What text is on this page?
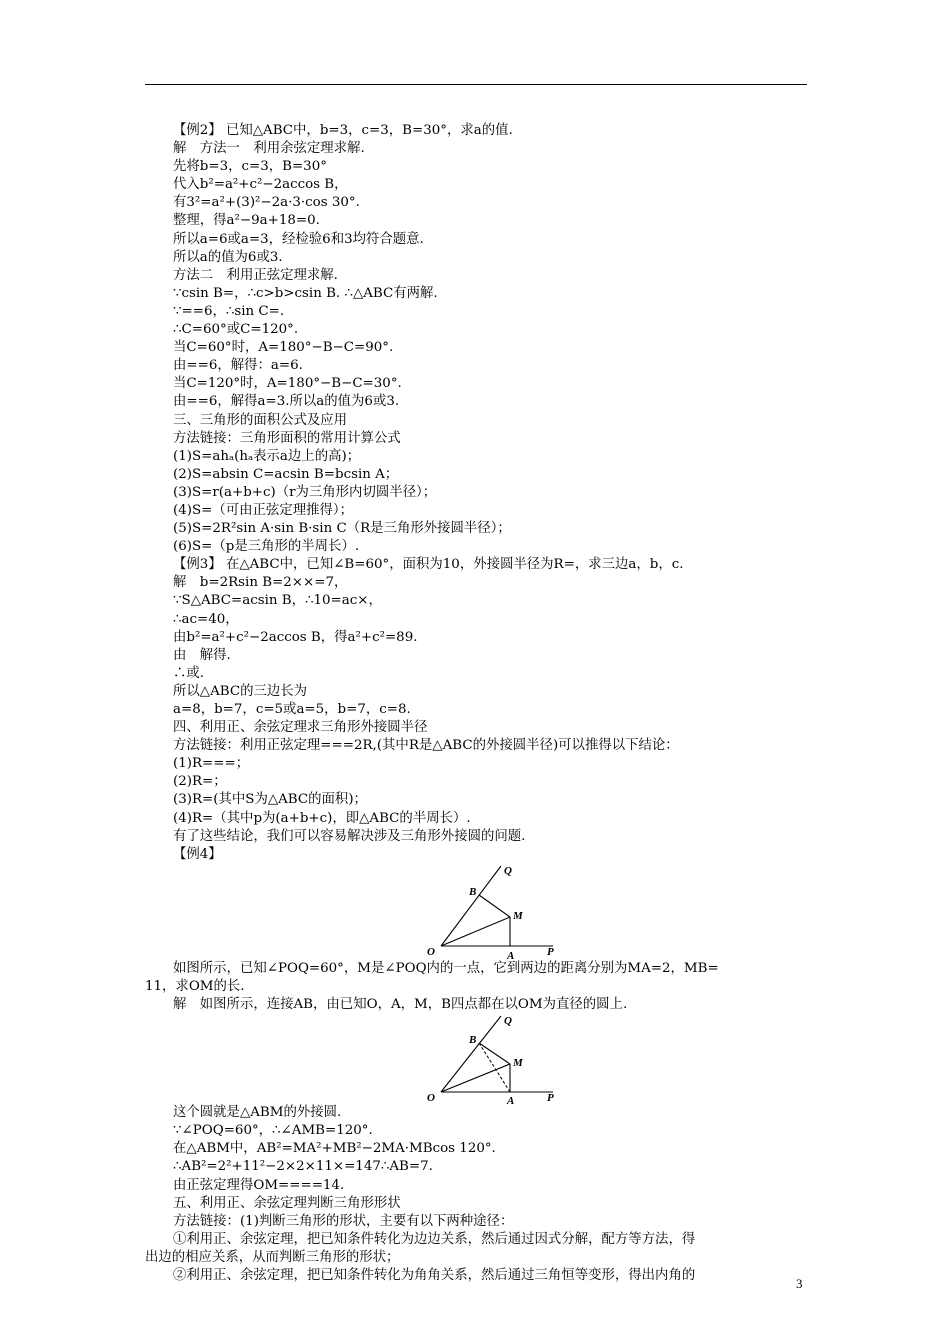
【例2】 已知△ABC中，b=3，c=3，B=30°，求a的值.
解　方法一　利用余弦定理求解.
先将b=3，c=3，B=30°
代入b²=a²+c²−2accos B，
有3²=a²+(3)²−2a·3·cos 30°.
整理，得a²−9a+18=0.
所以a=6或a=3，经检验6和3均符合题意.
所以a的值为6或3.
方法二　利用正弦定理求解.
∵csin B=，∴c>b>csin B. ∴△ABC有两解.
∵==6，∴sin C=.
∴C=60°或C=120°.
当C=60°时，A=180°−B−C=90°.
由==6，解得：a=6.
当C=120°时，A=180°−B−C=30°.
由==6，解得a=3.所以a的值为6或3.
三、三角形的面积公式及应用
方法链接：三角形面积的常用计算公式
(1)S=ahₐ(hₐ表示a边上的高)；
(2)S=absin C=acsin B=bcsin A；
(3)S=r(a+b+c)（r为三角形内切圆半径）；
(4)S=（可由正弦定理推得）；
(5)S=2R²sin A·sin B·sin C（R是三角形外接圆半径）；
(6)S=（p是三角形的半周长）.
【例3】 在△ABC中，已知∠B=60°，面积为10，外接圆半径为R=，求三边a，b，c.
解　b=2Rsin B=2××=7，
∵S△ABC=acsin B，∴10=ac×，
∴ac=40，
由b²=a²+c²−2accos B，得a²+c²=89.
由　解得.
∴或.
所以△ABC的三边长为
a=8，b=7，c=5或a=5，b=7，c=8.
四、利用正、余弦定理求三角形外接圆半径
方法链接：利用正弦定理===2R,(其中R是△ABC的外接圆半径)可以推得以下结论：
(1)R===；
(2)R=；
(3)R=(其中S为△ABC的面积)；
(4)R=（其中p为(a+b+c)，即△ABC的半周长）.
有了这些结论，我们可以容易解决涉及三角形外接圆的问题.
【例4】
O	A	P
B
M
Q
如图所示，已知∠POQ=60°，M是∠POQ内的一点，它到两边的距离分别为MA=2，MB=
11，求OM的长.
解　如图所示，连接AB，由已知O，A，M，B四点都在以OM为直径的圆上.
O	A	P
B
M
Q
这个圆就是△ABM的外接圆.
∵∠POQ=60°，∴∠AMB=120°.
在△ABM中，AB²=MA²+MB²−2MA·MBcos 120°.
∴AB²=2²+11²−2×2×11×=147∴AB=7.
由正弦定理得OM====14.
五、利用正、余弦定理判断三角形形状
方法链接：(1)判断三角形的形状，主要有以下两种途径：
①利用正、余弦定理，把已知条件转化为边边关系，然后通过因式分解，配方等方法，得
出边的相应关系，从而判断三角形的形状；
②利用正、余弦定理，把已知条件转化为角角关系，然后通过三角恒等变形，得出内角的
3
